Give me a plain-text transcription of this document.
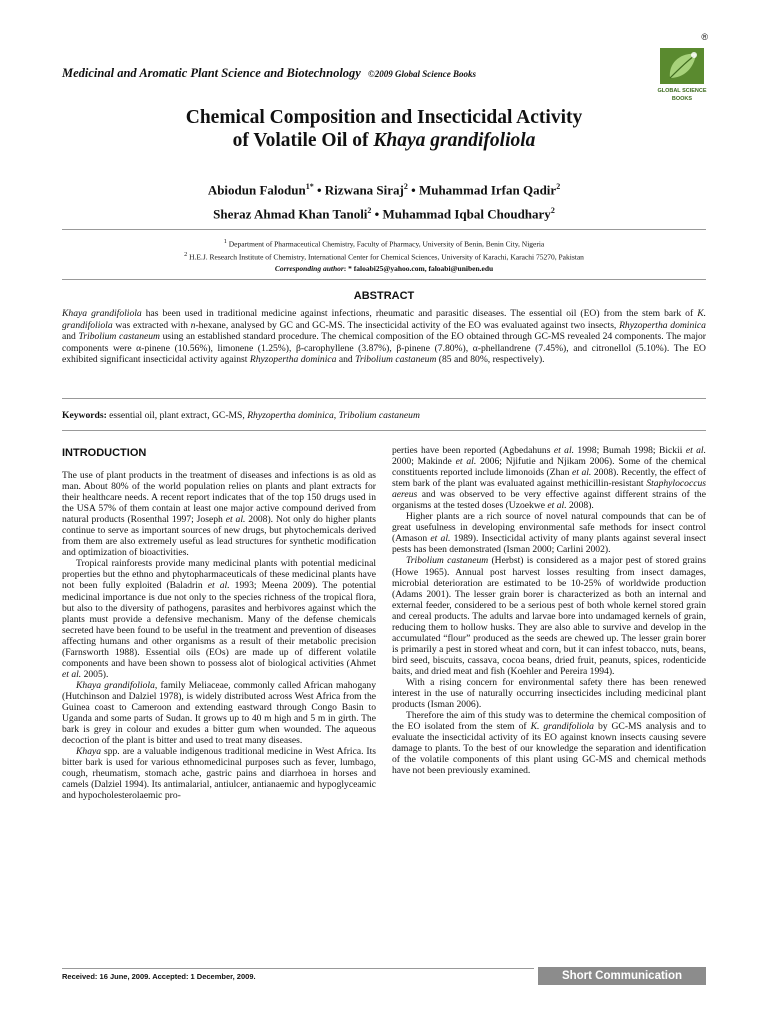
Medicinal and Aromatic Plant Science and Biotechnology ©2009 Global Science Books
®
GLOBAL SCIENCE
BOOKS
Chemical Composition and Insecticidal Activity
of Volatile Oil of Khaya grandifoliola
Abiodun Falodun$^{1*}$ • Rizwana Siraj$^2$ • Muhammad Irfan Qadir$^2$
Sheraz Ahmad Khan Tanoli$^2$ • Muhammad Iqbal Choudhary$^2$
$^1$ Department of Pharmaceutical Chemistry, Faculty of Pharmacy, University of Benin, Benin City, Nigeria
$^2$ H.E.J. Research Institute of Chemistry, International Center for Chemical Sciences, University of Karachi, Karachi 75270, Pakistan
Corresponding author: * faloabi25@yahoo.com, faloabi@uniben.edu
ABSTRACT
Khaya grandifoliola has been used in traditional medicine against infections, rheumatic and parasitic diseases. The essential oil (EO) from the stem bark of K. grandifoliola was extracted with n-hexane, analysed by GC and GC-MS. The insecticidal activity of the EO was evaluated against two insects, Rhyzopertha dominica and Tribolium castaneum using an established standard procedure. The chemical composition of the EO obtained through GC-MS revealed 24 components. The major components were α-pinene (10.56%), limonene (1.25%), β-carophyllene (3.87%), β-pinene (7.80%), α-phellandrene (7.45%), and citronellol (5.10%). The EO exhibited significant insecticidal activity against Rhyzopertha dominica and Tribolium castaneum (85 and 80%, respectively).
Keywords: essential oil, plant extract, GC-MS, Rhyzopertha dominica, Tribolium castaneum
INTRODUCTION

The use of plant products in the treatment of diseases and infections is as old as man. About 80% of the world population relies on plants and plant extracts for their healthcare needs. A recent report indicates that of the top 150 drugs used in the USA 57% of them contain at least one major active compound derived from natural products (Rosenthal 1997; Joseph et al. 2008). Not only do higher plants continue to serve as important sources of new drugs, but phytochemicals derived from them are also extremely useful as lead structures for synthetic modification and optimization of bioactivities.

Tropical rainforests provide many medicinal plants with potential medicinal properties but the ethno and phytopharmaceuticals of these medicinal plants have not been fully exploited (Baladrin et al. 1993; Meena 2009). The potential medicinal importance is due not only to the species richness of the tropical flora, but also to the diversity of pathogens, parasites and herbivores against which the plants must provide a defensive mechanism. Many of the defense chemicals secreted have been found to be useful in the treatment and prevention of diseases affecting humans and other organisms as a result of their metabolic precision (Farnsworth 1988). Essential oils (EOs) are made up of different volatile components and have been shown to possess alot of biological activities (Ahmet et al. 2005).

Khaya grandifoliola, family Meliaceae, commonly called African mahogany (Hutchinson and Dalziel 1978), is widely distributed across West Africa from the Guinea coast to Cameroon and extending eastward through Congo Basin to Uganda and some parts of Sudan. It grows up to 40 m high and 5 m in girth. The bark is grey in colour and exudes a bitter gum when wounded. The aqueous decoction of the plant is bitter and used to treat many diseases.

Khaya spp. are a valuable indigenous traditional medicine in West Africa. Its bitter bark is used for various ethnomedicinal purposes such as fever, lumbago, cough, rheumatism, stomach ache, gastric pains and diarrhoea in horses and camels (Dalziel 1994). Its antimalarial, antiulcer, antianaemic and hypoglyceamic and hypocholesterolaemic pro-

perties have been reported (Agbedahuns et al. 1998; Bumah 1998; Bickii et al. 2000; Makinde et al. 2006; Njifutie and Njikam 2006). Some of the chemical constituents reported include limonoids (Zhan et al. 2008). Recently, the effect of stem bark of the plant was evaluated against methicillin-resistant Staphylococcus aereus and was observed to be very effective against different strains of the organisms at the tested doses (Uzoekwe et al. 2008).

Higher plants are a rich source of novel natural compounds that can be of great usefulness in developing environmental safe methods for insect control (Amason et al. 1989). Insecticidal activity of many plants against several insect pests has been demonstrated (Isman 2000; Carlini 2002).

Tribolium castaneum (Herbst) is considered as a major pest of stored grains (Howe 1965). Annual post harvest losses resulting from insect damages, microbial deterioration are estimated to be 10-25% of worldwide production (Adams 2001). The lesser grain borer is characterized as both an internal and external feeder, considered to be a serious pest of both whole kernel stored grain and cereal products. The adults and larvae bore into undamaged kernels of grain, reducing them to hollow husks. They are also able to survive and develop in the accumulated “flour” produced as the seeds are chewed up. The lesser grain borer is primarily a pest in stored wheat and corn, but it can infest tobacco, nuts, beans, bird seed, biscuits, cassava, cocoa beans, dried fruit, peanuts, spices, rodenticide baits, and dried meat and fish (Koehler and Pereira 1994).

With a rising concern for environmental safety there has been renewed interest in the use of naturally occurring insecticides including medicinal plant products (Isman 2006).

Therefore the aim of this study was to determine the chemical composition of the EO isolated from the stem of K. grandifoliola by GC-MS analysis and to evaluate the insecticidal activity of its EO against known insects causing severe damage to plants. To the best of our knowledge the separation and identification of the volatile components of this plant using GC-MS and chemical methods have not been previously examined.

Received: 16 June, 2009. Accepted: 1 December, 2009.	Short Communication
